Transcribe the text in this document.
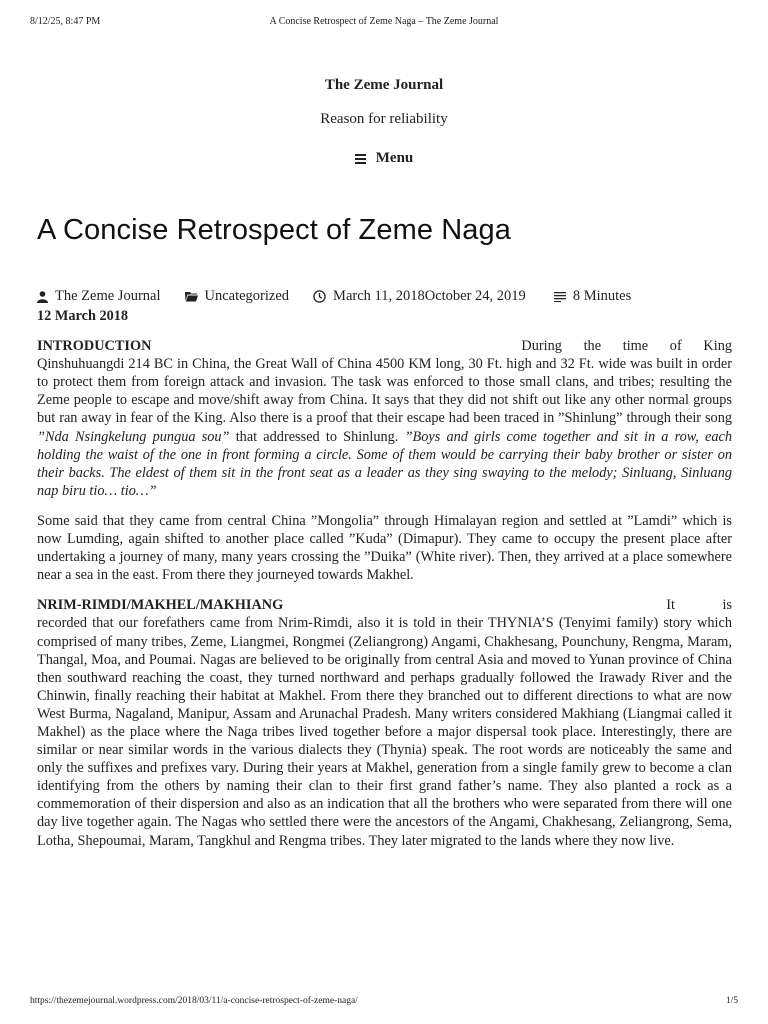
8/12/25, 8:47 PM	A Concise Retrospect of Zeme Naga – The Zeme Journal
The Zeme Journal
Reason for reliability
Menu
A Concise Retrospect of Zeme Naga
The Zeme Journal	Uncategorized	March 11, 2018October 24, 2019	8 Minutes

12 March 2018

INTRODUCTION	During the time of King Qinshuhuangdi 214 BC in China, the Great Wall of China 4500 KM long, 30 Ft. high and 32 Ft. wide was built in order to protect them from foreign attack and invasion. The task was enforced to those small clans, and tribes; resulting the Zeme people to escape and move/shift away from China. It says that they did not shift out like any other normal groups but ran away in fear of the King. Also there is a proof that their escape had been traced in ”Shinlung” through their song ”Nda Nsingkelung pungua sou” that addressed to Shinlung. ”Boys and girls come together and sit in a row, each holding the waist of the one in front forming a circle. Some of them would be carrying their baby brother or sister on their backs. The eldest of them sit in the front seat as a leader as they sing swaying to the melody; Sinluang, Sinluang nap biru tio… tio…”

Some said that they came from central China ”Mongolia” through Himalayan region and settled at ”Lamdi” which is now Lumding, again shifted to another place called ”Kuda” (Dimapur). They came to occupy the present place after undertaking a journey of many, many years crossing the ”Duika” (White river). Then, they arrived at a place somewhere near a sea in the east. From there they journeyed towards Makhel.

NRIM-RIMDI/MAKHEL/MAKHIANG	It is recorded that our forefathers came from Nrim-Rimdi, also it is told in their THYNIA’S (Tenyimi family) story which comprised of many tribes, Zeme, Liangmei, Rongmei (Zeliangrong) Angami, Chakhesang, Pounchuny, Rengma, Maram, Thangal, Moa, and Poumai. Nagas are believed to be originally from central Asia and moved to Yunan province of China then southward reaching the coast, they turned northward and perhaps gradually followed the Irawady River and the Chinwin, finally reaching their habitat at Makhel. From there they branched out to different directions to what are now West Burma, Nagaland, Manipur, Assam and Arunachal Pradesh. Many writers considered Makhiang (Liangmai called it Makhel) as the place where the Naga tribes lived together before a major dispersal took place. Interestingly, there are similar or near similar words in the various dialects they (Thynia) speak. The root words are noticeably the same and only the suffixes and prefixes vary. During their years at Makhel, generation from a single family grew to become a clan identifying from the others by naming their clan to their first grand father’s name. They also planted a rock as a commemoration of their dispersion and also as an indication that all the brothers who were separated from there will one day live together again. The Nagas who settled there were the ancestors of the Angami, Chakhesang, Zeliangrong, Sema, Lotha, Shepoumai, Maram, Tangkhul and Rengma tribes. They later migrated to the lands where they now live.

https://thezemejournal.wordpress.com/2018/03/11/a-concise-retrospect-of-zeme-naga/	1/5
